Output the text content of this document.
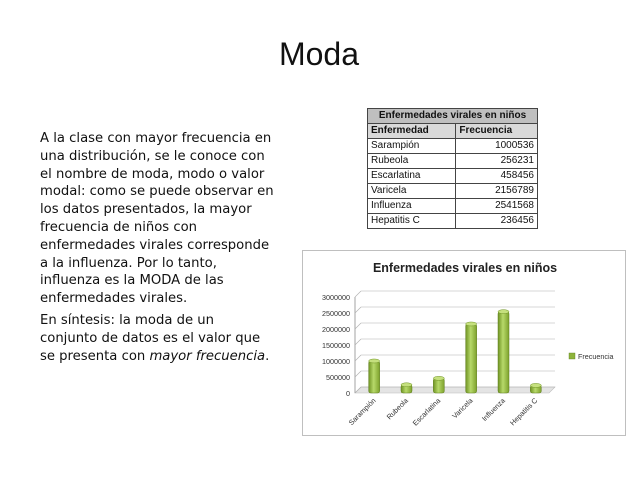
Moda

A la clase con mayor frecuencia en una distribución, se le conoce con el nombre de moda, modo o valor modal: como se puede observar en los datos presentados, la mayor frecuencia de niños con enfermedades virales corresponde a la influenza. Por lo tanto, influenza es la MODA de las enfermedades virales.

En síntesis: la moda de un conjunto de datos es el valor que se presenta con mayor frecuencia.

Enfermedades virales en niños	
Enfermedad	Frecuencia
Sarampión	1000536
Rubeola	256231
Escarlatina	458456
Varicela	2156789
Influenza	2541568
Hepatitis C	236456
Enfermedades virales en niños
0
500000
1000000
1500000
2000000
2500000
3000000
Sarampión Rubeola Escarlatina Varicela Influenza Hepatitis C
Frecuencia
